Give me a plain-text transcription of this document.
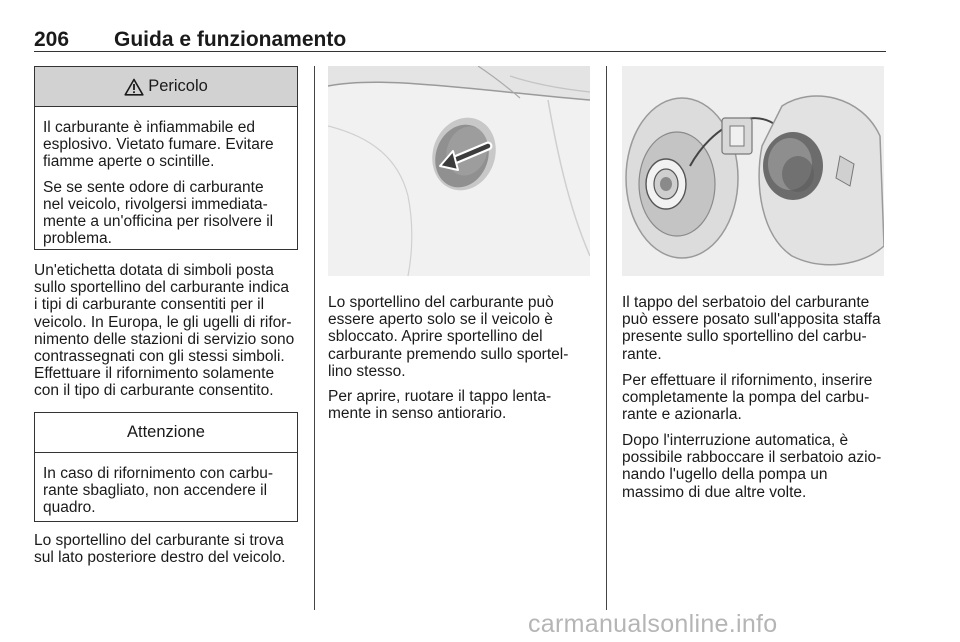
206 Guida e funzionamento
Pericolo

Il carburante è infiammabile ed
esplosivo. Vietato fumare. Evitare
fiamme aperte o scintille.

Se se sente odore di carburante
nel veicolo, rivolgersi immediata-
mente a un'officina per risolvere il
problema.

Un'etichetta dotata di simboli posta
sullo sportellino del carburante indica
i tipi di carburante consentiti per il
veicolo. In Europa, le gli ugelli di rifor-
nimento delle stazioni di servizio sono
contrassegnati con gli stessi simboli.
Effettuare il rifornimento solamente
con il tipo di carburante consentito.
Attenzione

In caso di rifornimento con carbu-
rante sbagliato, non accendere il
quadro.

Lo sportellino del carburante si trova
sul lato posteriore destro del veicolo.
Lo sportellino del carburante può
essere aperto solo se il veicolo è
sbloccato. Aprire sportellino del
carburante premendo sullo sportel-
lino stesso.
Per aprire, ruotare il tappo lenta-
mente in senso antiorario.
Il tappo del serbatoio del carburante
può essere posato sull'apposita staffa
presente sullo sportellino del carbu-
rante.
Per effettuare il rifornimento, inserire
completamente la pompa del carbu-
rante e azionarla.
Dopo l'interruzione automatica, è
possibile rabboccare il serbatoio azio-
nando l'ugello della pompa un
massimo di due altre volte.
carmanualsonline.info
